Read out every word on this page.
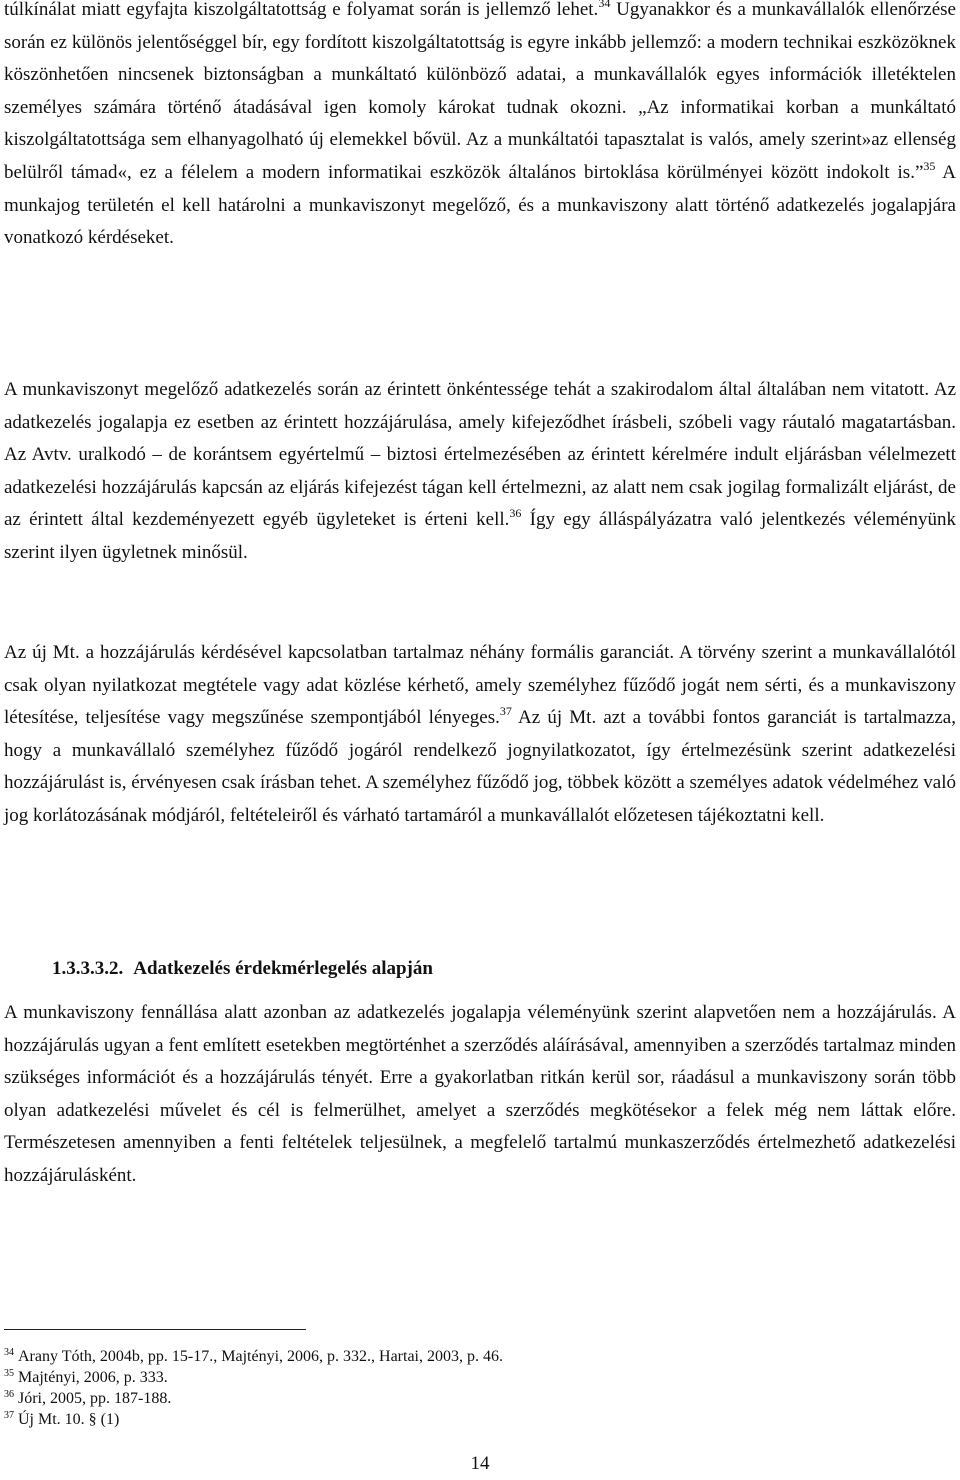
túlkínálat miatt egyfajta kiszolgáltatottság e folyamat során is jellemző lehet.$^{34}$ Ugyanakkor és a munkavállalók ellenőrzése során ez különös jelentőséggel bír, egy fordított kiszolgáltatottság is egyre inkább jellemző: a modern technikai eszközöknek köszönhetően nincsenek biztonságban a munkáltató különböző adatai, a munkavállalók egyes információk illetéktelen személyes számára történő átadásával igen komoly károkat tudnak okozni. „Az informatikai korban a munkáltató kiszolgáltatottsága sem elhanyagolható új elemekkel bővül. Az a munkáltatói tapasztalat is valós, amely szerint»az ellenség belülről támad«, ez a félelem a modern informatikai eszközök általános birtoklása körülményei között indokolt is.”$^{35}$ A munkajog területén el kell határolni a munkaviszonyt megelőző, és a munkaviszony alatt történő adatkezelés jogalapjára vonatkozó kérdéseket.
A munkaviszonyt megelőző adatkezelés során az érintett önkéntessége tehát a szakirodalom által általában nem vitatott. Az adatkezelés jogalapja ez esetben az érintett hozzájárulása, amely kifejeződhet írásbeli, szóbeli vagy ráutaló magatartásban. Az Avtv. uralkodó – de korántsem egyértelmű – biztosi értelmezésében az érintett kérelmére indult eljárásban vélelmezett adatkezelési hozzájárulás kapcsán az eljárás kifejezést tágan kell értelmezni, az alatt nem csak jogilag formalizált eljárást, de az érintett által kezdeményezett egyéb ügyleteket is érteni kell.$^{36}$ Így egy álláspályázatra való jelentkezés véleményünk szerint ilyen ügyletnek minősül.
Az új Mt. a hozzájárulás kérdésével kapcsolatban tartalmaz néhány formális garanciát. A törvény szerint a munkavállalótól csak olyan nyilatkozat megtétele vagy adat közlése kérhető, amely személyhez fűződő jogát nem sérti, és a munkaviszony létesítése, teljesítése vagy megszűnése szempontjából lényeges.$^{37}$ Az új Mt. azt a további fontos garanciát is tartalmazza, hogy a munkavállaló személyhez fűződő jogáról rendelkező jognyilatkozatot, így értelmezésünk szerint adatkezelési hozzájárulást is, érvényesen csak írásban tehet. A személyhez fűződő jog, többek között a személyes adatok védelméhez való jog korlátozásának módjáról, feltételeiről és várható tartamáról a munkavállalót előzetesen tájékoztatni kell.
1.3.3.3.2. Adatkezelés érdekmérlegelés alapján
A munkaviszony fennállása alatt azonban az adatkezelés jogalapja véleményünk szerint alapvetően nem a hozzájárulás. A hozzájárulás ugyan a fent említett esetekben megtörténhet a szerződés aláírásával, amennyiben a szerződés tartalmaz minden szükséges információt és a hozzájárulás tényét. Erre a gyakorlatban ritkán kerül sor, ráadásul a munkaviszony során több olyan adatkezelési művelet és cél is felmerülhet, amelyet a szerződés megkötésekor a felek még nem láttak előre. Természetesen amennyiben a fenti feltételek teljesülnek, a megfelelő tartalmú munkaszerződés értelmezhető adatkezelési hozzájárulásként.
$^{34}$ Arany Tóth, 2004b, pp. 15-17., Majtényi, 2006, p. 332., Hartai, 2003, p. 46.
$^{35}$ Majtényi, 2006, p. 333.
$^{36}$ Jóri, 2005, pp. 187-188.
$^{37}$ Új Mt. 10. § (1)
14
